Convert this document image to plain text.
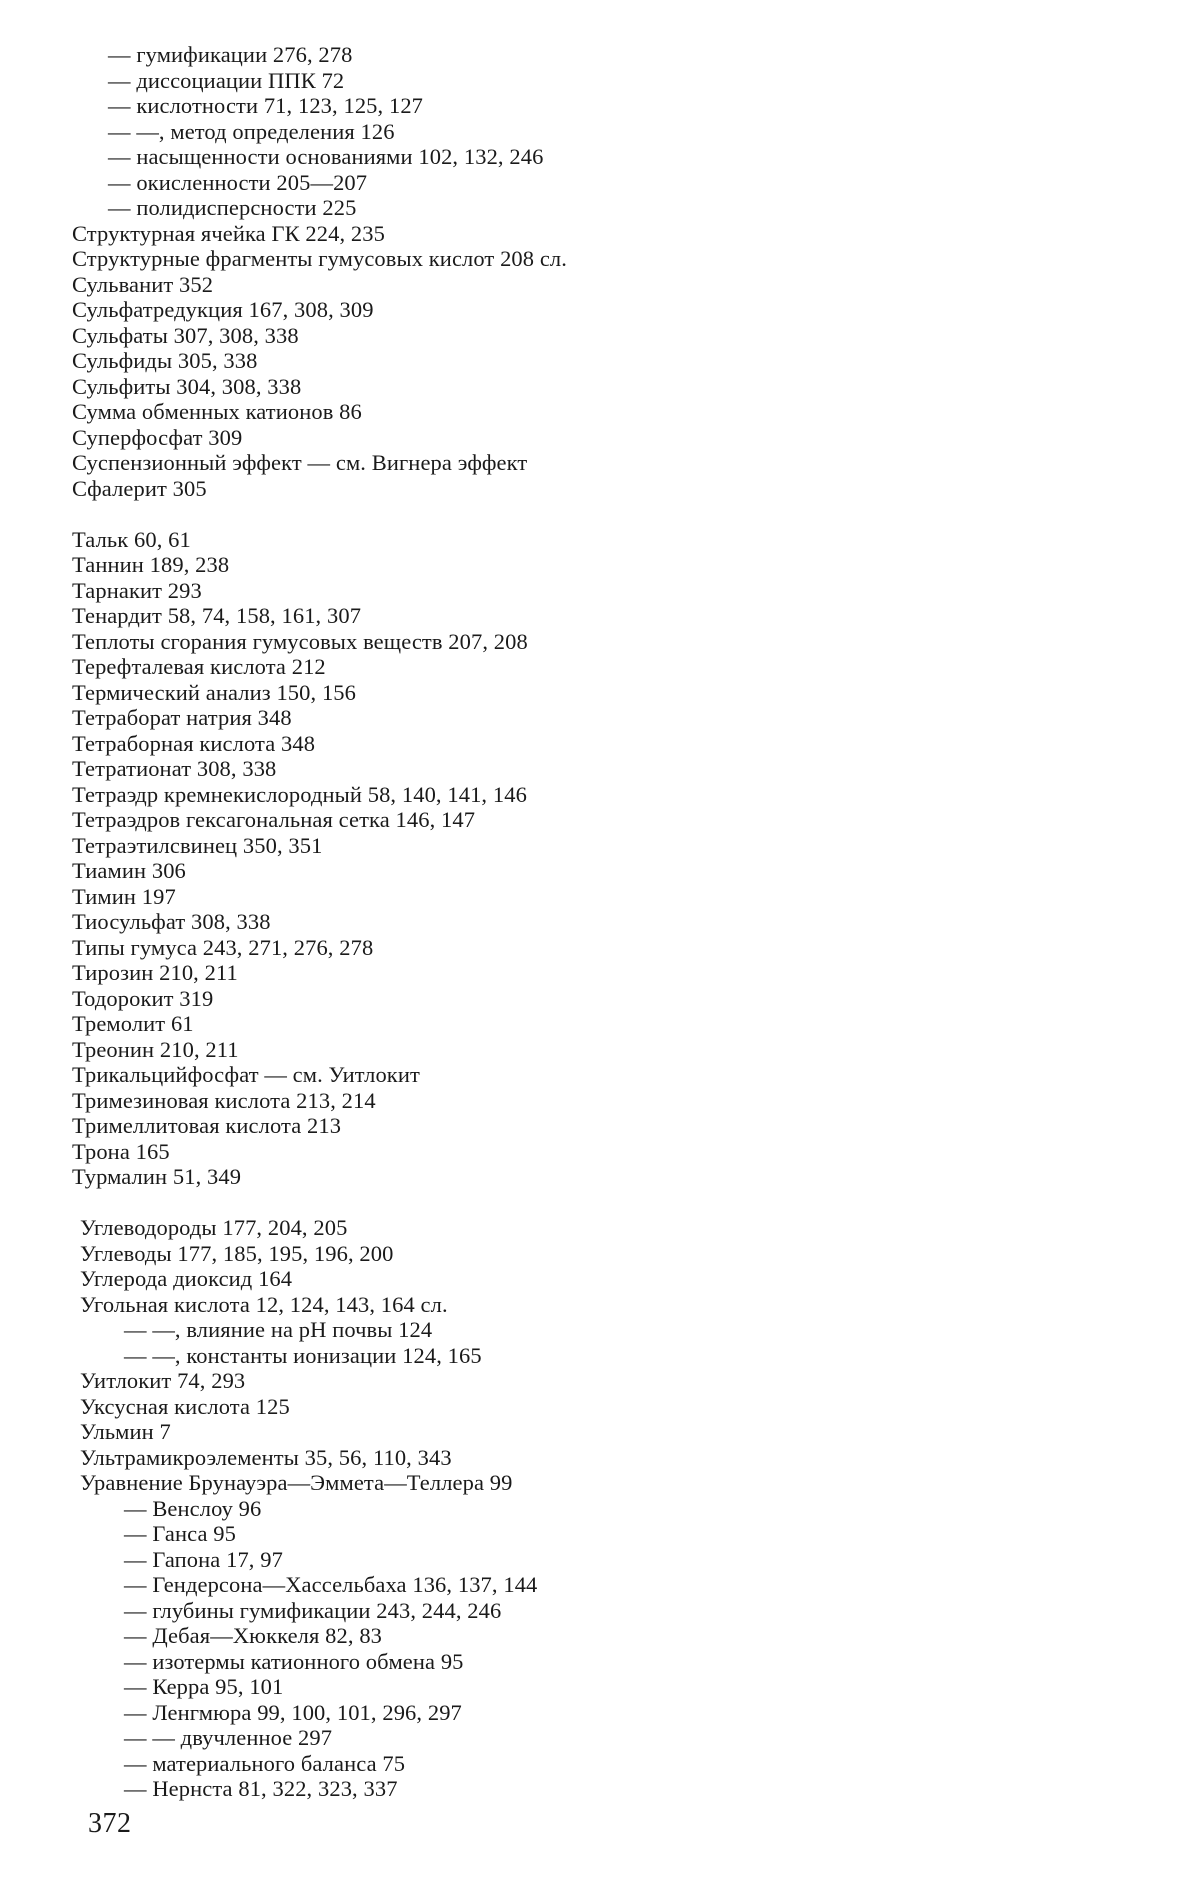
— гумификации 276, 278
— диссоциации ППК 72
— кислотности 71, 123, 125, 127
— —, метод определения 126
— насыщенности основаниями 102, 132, 246
— окисленности 205—207
— полидисперсности 225
Структурная ячейка ГК 224, 235
Структурные фрагменты гумусовых кислот 208 сл.
Сульванит 352
Сульфатредукция 167, 308, 309
Сульфаты 307, 308, 338
Сульфиды 305, 338
Сульфиты 304, 308, 338
Сумма обменных катионов 86
Суперфосфат 309
Суспензионный эффект — см. Вигнера эффект
Сфалерит 305
Тальк 60, 61
Таннин 189, 238
Тарнакит 293
Тенардит 58, 74, 158, 161, 307
Теплоты сгорания гумусовых веществ 207, 208
Терефталевая кислота 212
Термический анализ 150, 156
Тетраборат натрия 348
Тетраборная кислота 348
Тетратионат 308, 338
Тетраэдр кремнекислородный 58, 140, 141, 146
Тетраэдров гексагональная сетка 146, 147
Тетраэтилсвинец 350, 351
Тиамин 306
Тимин 197
Тиосульфат 308, 338
Типы гумуса 243, 271, 276, 278
Тирозин 210, 211
Тодорокит 319
Тремолит 61
Треонин 210, 211
Трикальцийфосфат — см. Уитлокит
Тримезиновая кислота 213, 214
Тримеллитовая кислота 213
Трона 165
Турмалин 51, 349
Углеводороды 177, 204, 205
Углеводы 177, 185, 195, 196, 200
Углерода диоксид 164
Угольная кислота 12, 124, 143, 164 сл.
— —, влияние на pH почвы 124
— —, константы ионизации 124, 165
Уитлокит 74, 293
Уксусная кислота 125
Ульмин 7
Ультрамикроэлементы 35, 56, 110, 343
Уравнение Брунауэра—Эммета—Теллера 99
— Венслоу 96
— Ганса 95
— Гапона 17, 97
— Гендерсона—Хассельбаха 136, 137, 144
— глубины гумификации 243, 244, 246
— Дебая—Хюккеля 82, 83
— изотермы катионного обмена 95
— Керра 95, 101
— Ленгмюра 99, 100, 101, 296, 297
— — двучленное 297
— материального баланса 75
— Нернста 81, 322, 323, 337
372
